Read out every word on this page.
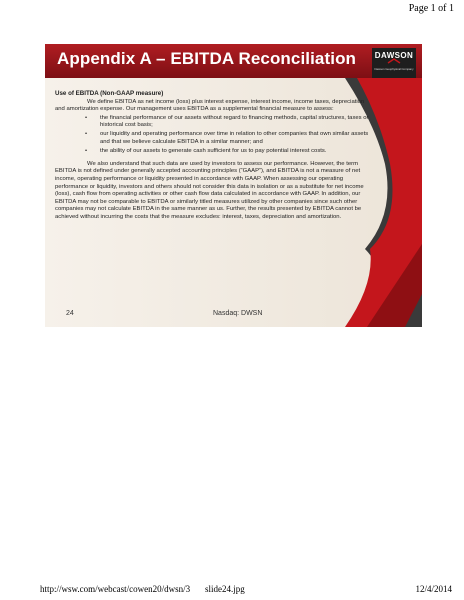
Page 1 of 1
Appendix A – EBITDA Reconciliation	DAWSON
Dawson Geophysical Company
Use of EBITDA (Non-GAAP measure)
We define EBITDA as net income (loss) plus interest expense, interest income, income taxes, depreciation and amortization expense. Our management uses EBITDA as a supplemental financial measure to assess:
• the financial performance of our assets without regard to financing methods, capital structures, taxes or historical cost basis;
• our liquidity and operating performance over time in relation to other companies that own similar assets and that we believe calculate EBITDA in a similar manner; and
• the ability of our assets to generate cash sufficient for us to pay potential interest costs.
We also understand that such data are used by investors to assess our performance. However, the term EBITDA is not defined under generally accepted accounting principles (“GAAP”), and EBITDA is not a measure of net income, operating performance or liquidity presented in accordance with GAAP. When assessing our operating performance or liquidity, investors and others should not consider this data in isolation or as a substitute for net income (loss), cash flow from operating activities or other cash flow data calculated in accordance with GAAP. In addition, our EBITDA may not be comparable to EBITDA or similarly titled measures utilized by other companies since such other companies may not calculate EBITDA in the same manner as us. Further, the results presented by EBITDA cannot be achieved without incurring the costs that the measure excludes: interest, taxes, depreciation and amortization.
24	Nasdaq: DWSN
http://wsw.com/webcast/cowen20/dwsn/3 slide24.jpg	12/4/2014
